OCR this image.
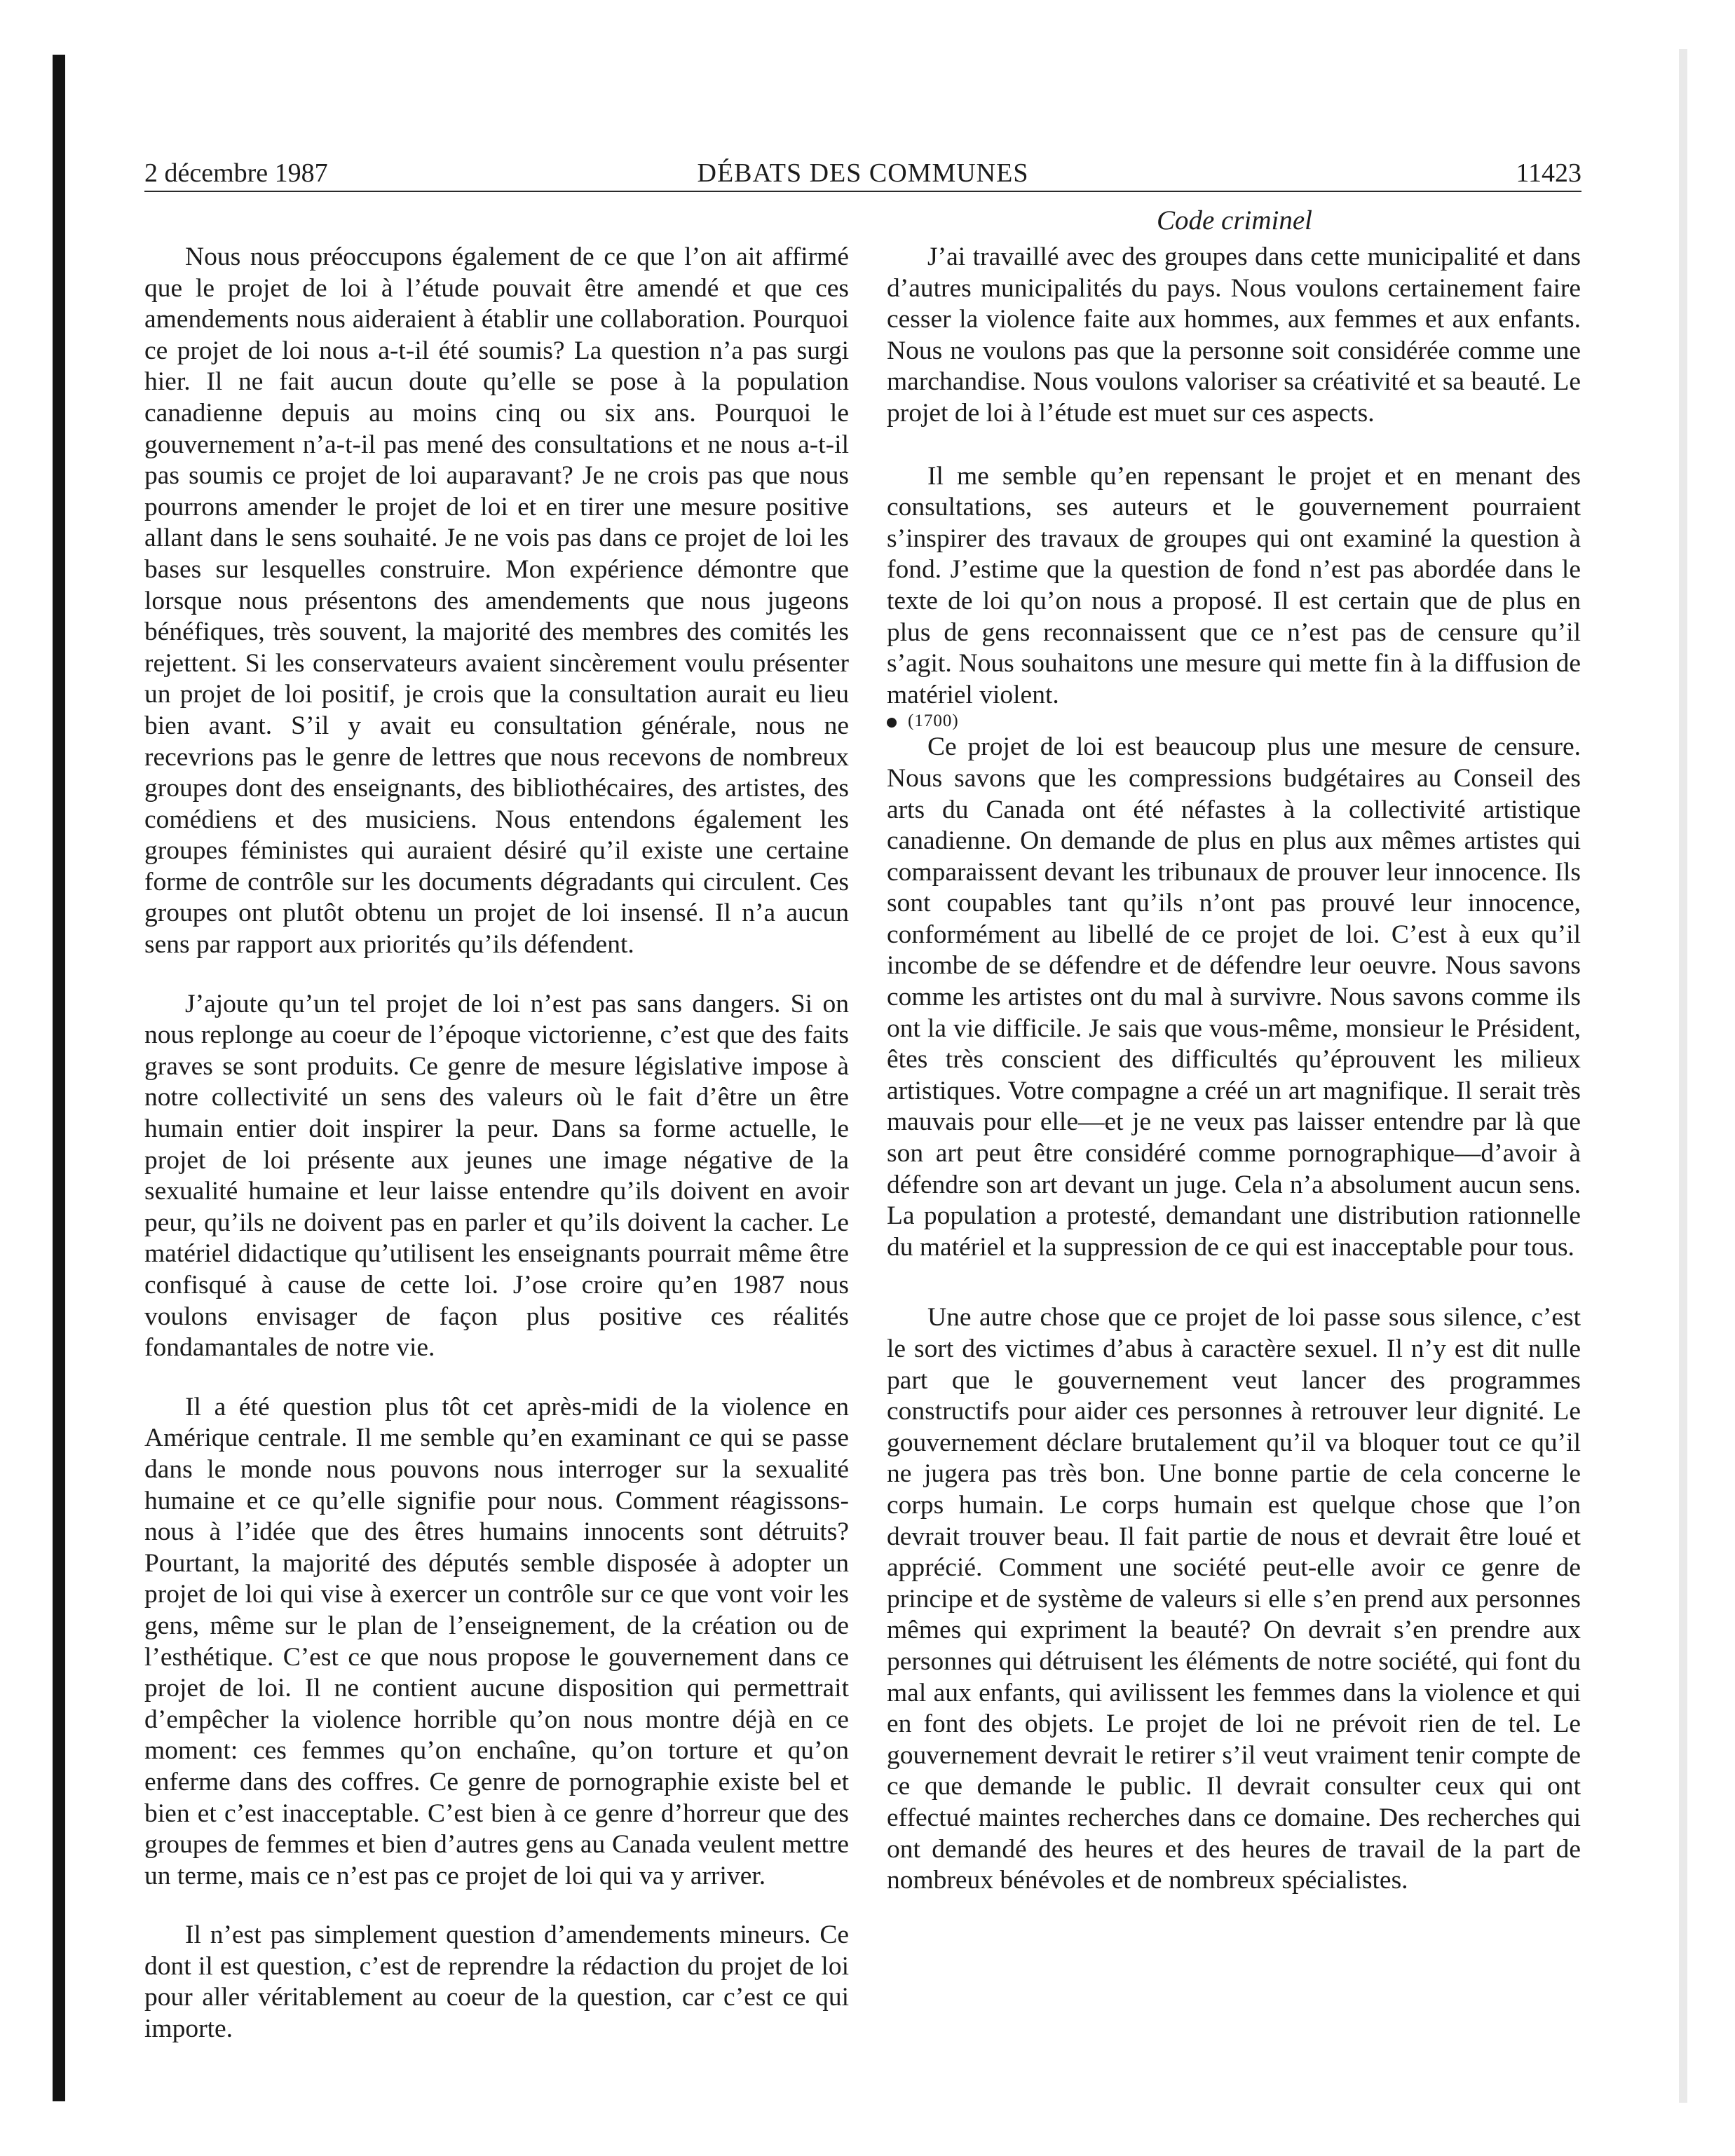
2 décembre 1987	DÉBATS DES COMMUNES	11423
Code criminel

Nous nous préoccupons également de ce que l’on ait affirmé que le projet de loi à l’étude pouvait être amendé et que ces amendements nous aideraient à établir une collaboration. Pourquoi ce projet de loi nous a-t-il été soumis? La question n’a pas surgi hier. Il ne fait aucun doute qu’elle se pose à la population canadienne depuis au moins cinq ou six ans. Pourquoi le gouvernement n’a-t-il pas mené des consultations et ne nous a-t-il pas soumis ce projet de loi auparavant? Je ne crois pas que nous pourrons amender le projet de loi et en tirer une mesure positive allant dans le sens souhaité. Je ne vois pas dans ce projet de loi les bases sur lesquelles construire. Mon expérience démontre que lorsque nous présentons des amendements que nous jugeons bénéfiques, très souvent, la majorité des membres des comités les rejettent. Si les conservateurs avaient sincèrement voulu présenter un projet de loi positif, je crois que la consultation aurait eu lieu bien avant. S’il y avait eu consultation générale, nous ne recevrions pas le genre de lettres que nous recevons de nombreux groupes dont des enseignants, des bibliothécaires, des artistes, des comédiens et des musiciens. Nous entendons également les groupes féministes qui auraient désiré qu’il existe une certaine forme de contrôle sur les documents dégradants qui circulent. Ces groupes ont plutôt obtenu un projet de loi insensé. Il n’a aucun sens par rapport aux priorités qu’ils défendent.

J’ajoute qu’un tel projet de loi n’est pas sans dangers. Si on nous replonge au coeur de l’époque victorienne, c’est que des faits graves se sont produits. Ce genre de mesure législative impose à notre collectivité un sens des valeurs où le fait d’être un être humain entier doit inspirer la peur. Dans sa forme actuelle, le projet de loi présente aux jeunes une image négative de la sexualité humaine et leur laisse entendre qu’ils doivent en avoir peur, qu’ils ne doivent pas en parler et qu’ils doivent la cacher. Le matériel didactique qu’utilisent les enseignants pourrait même être confisqué à cause de cette loi. J’ose croire qu’en 1987 nous voulons envisager de façon plus positive ces réalités fondamantales de notre vie.

Il a été question plus tôt cet après-midi de la violence en Amérique centrale. Il me semble qu’en examinant ce qui se passe dans le monde nous pouvons nous interroger sur la sexualité humaine et ce qu’elle signifie pour nous. Comment réagissons-nous à l’idée que des êtres humains innocents sont détruits? Pourtant, la majorité des députés semble disposée à adopter un projet de loi qui vise à exercer un contrôle sur ce que vont voir les gens, même sur le plan de l’enseignement, de la création ou de l’esthétique. C’est ce que nous propose le gouvernement dans ce projet de loi. Il ne contient aucune disposition qui permettrait d’empêcher la violence horrible qu’on nous montre déjà en ce moment: ces femmes qu’on enchaîne, qu’on torture et qu’on enferme dans des coffres. Ce genre de pornographie existe bel et bien et c’est inacceptable. C’est bien à ce genre d’horreur que des groupes de femmes et bien d’autres gens au Canada veulent mettre un terme, mais ce n’est pas ce projet de loi qui va y arriver.

Il n’est pas simplement question d’amendements mineurs. Ce dont il est question, c’est de reprendre la rédaction du projet de loi pour aller véritablement au coeur de la question, car c’est ce qui importe.

J’ai travaillé avec des groupes dans cette municipalité et dans d’autres municipalités du pays. Nous voulons certainement faire cesser la violence faite aux hommes, aux femmes et aux enfants. Nous ne voulons pas que la personne soit considérée comme une marchandise. Nous voulons valoriser sa créativité et sa beauté. Le projet de loi à l’étude est muet sur ces aspects.

Il me semble qu’en repensant le projet et en menant des consultations, ses auteurs et le gouvernement pourraient s’inspirer des travaux de groupes qui ont examiné la question à fond. J’estime que la question de fond n’est pas abordée dans le texte de loi qu’on nous a proposé. Il est certain que de plus en plus de gens reconnaissent que ce n’est pas de censure qu’il s’agit. Nous souhaitons une mesure qui mette fin à la diffusion de matériel violent.

(1700)

Ce projet de loi est beaucoup plus une mesure de censure. Nous savons que les compressions budgétaires au Conseil des arts du Canada ont été néfastes à la collectivité artistique canadienne. On demande de plus en plus aux mêmes artistes qui comparaissent devant les tribunaux de prouver leur innocence. Ils sont coupables tant qu’ils n’ont pas prouvé leur innocence, conformément au libellé de ce projet de loi. C’est à eux qu’il incombe de se défendre et de défendre leur oeuvre. Nous savons comme les artistes ont du mal à survivre. Nous savons comme ils ont la vie difficile. Je sais que vous-même, monsieur le Président, êtes très conscient des difficultés qu’éprouvent les milieux artistiques. Votre compagne a créé un art magnifique. Il serait très mauvais pour elle—et je ne veux pas laisser entendre par là que son art peut être considéré comme pornographique—d’avoir à défendre son art devant un juge. Cela n’a absolument aucun sens. La population a protesté, demandant une distribution rationnelle du matériel et la suppression de ce qui est inacceptable pour tous.

Une autre chose que ce projet de loi passe sous silence, c’est le sort des victimes d’abus à caractère sexuel. Il n’y est dit nulle part que le gouvernement veut lancer des programmes constructifs pour aider ces personnes à retrouver leur dignité. Le gouvernement déclare brutalement qu’il va bloquer tout ce qu’il ne jugera pas très bon. Une bonne partie de cela concerne le corps humain. Le corps humain est quelque chose que l’on devrait trouver beau. Il fait partie de nous et devrait être loué et apprécié. Comment une société peut-elle avoir ce genre de principe et de système de valeurs si elle s’en prend aux personnes mêmes qui expriment la beauté? On devrait s’en prendre aux personnes qui détruisent les éléments de notre société, qui font du mal aux enfants, qui avilissent les femmes dans la violence et qui en font des objets. Le projet de loi ne prévoit rien de tel. Le gouvernement devrait le retirer s’il veut vraiment tenir compte de ce que demande le public. Il devrait consulter ceux qui ont effectué maintes recherches dans ce domaine. Des recherches qui ont demandé des heures et des heures de travail de la part de nombreux bénévoles et de nombreux spécialistes.
